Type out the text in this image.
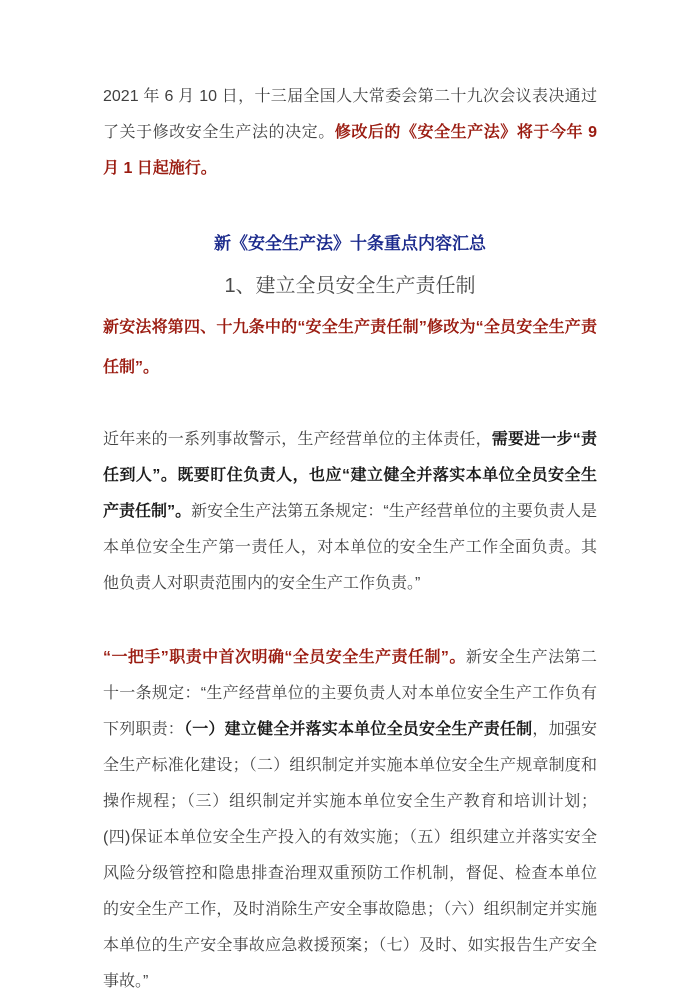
2021 年 6 月 10 日，十三届全国人大常委会第二十九次会议表决通过了关于修改安全生产法的决定。修改后的《安全生产法》将于今年 9 月 1 日起施行。

新《安全生产法》十条重点内容汇总
1、建立全员安全生产责任制

新安法将第四、十九条中的“安全生产责任制”修改为“全员安全生产责任制”。

近年来的一系列事故警示，生产经营单位的主体责任，需要进一步“责任到人”。既要盯住负责人，也应“建立健全并落实本单位全员安全生产责任制”。新安全生产法第五条规定：“生产经营单位的主要负责人是本单位安全生产第一责任人，对本单位的安全生产工作全面负责。其他负责人对职责范围内的安全生产工作负责。”

“一把手”职责中首次明确“全员安全生产责任制”。新安全生产法第二十一条规定：“生产经营单位的主要负责人对本单位安全生产工作负有下列职责：（一）建立健全并落实本单位全员安全生产责任制，加强安全生产标准化建设；（二）组织制定并实施本单位安全生产规章制度和操作规程；（三）组织制定并实施本单位安全生产教育和培训计划；(四)保证本单位安全生产投入的有效实施；（五）组织建立并落实安全风险分级管控和隐患排查治理双重预防工作机制，督促、检查本单位的安全生产工作，及时消除生产安全事故隐患；（六）组织制定并实施本单位的生产安全事故应急救援预案；（七）及时、如实报告生产安全事故。”
